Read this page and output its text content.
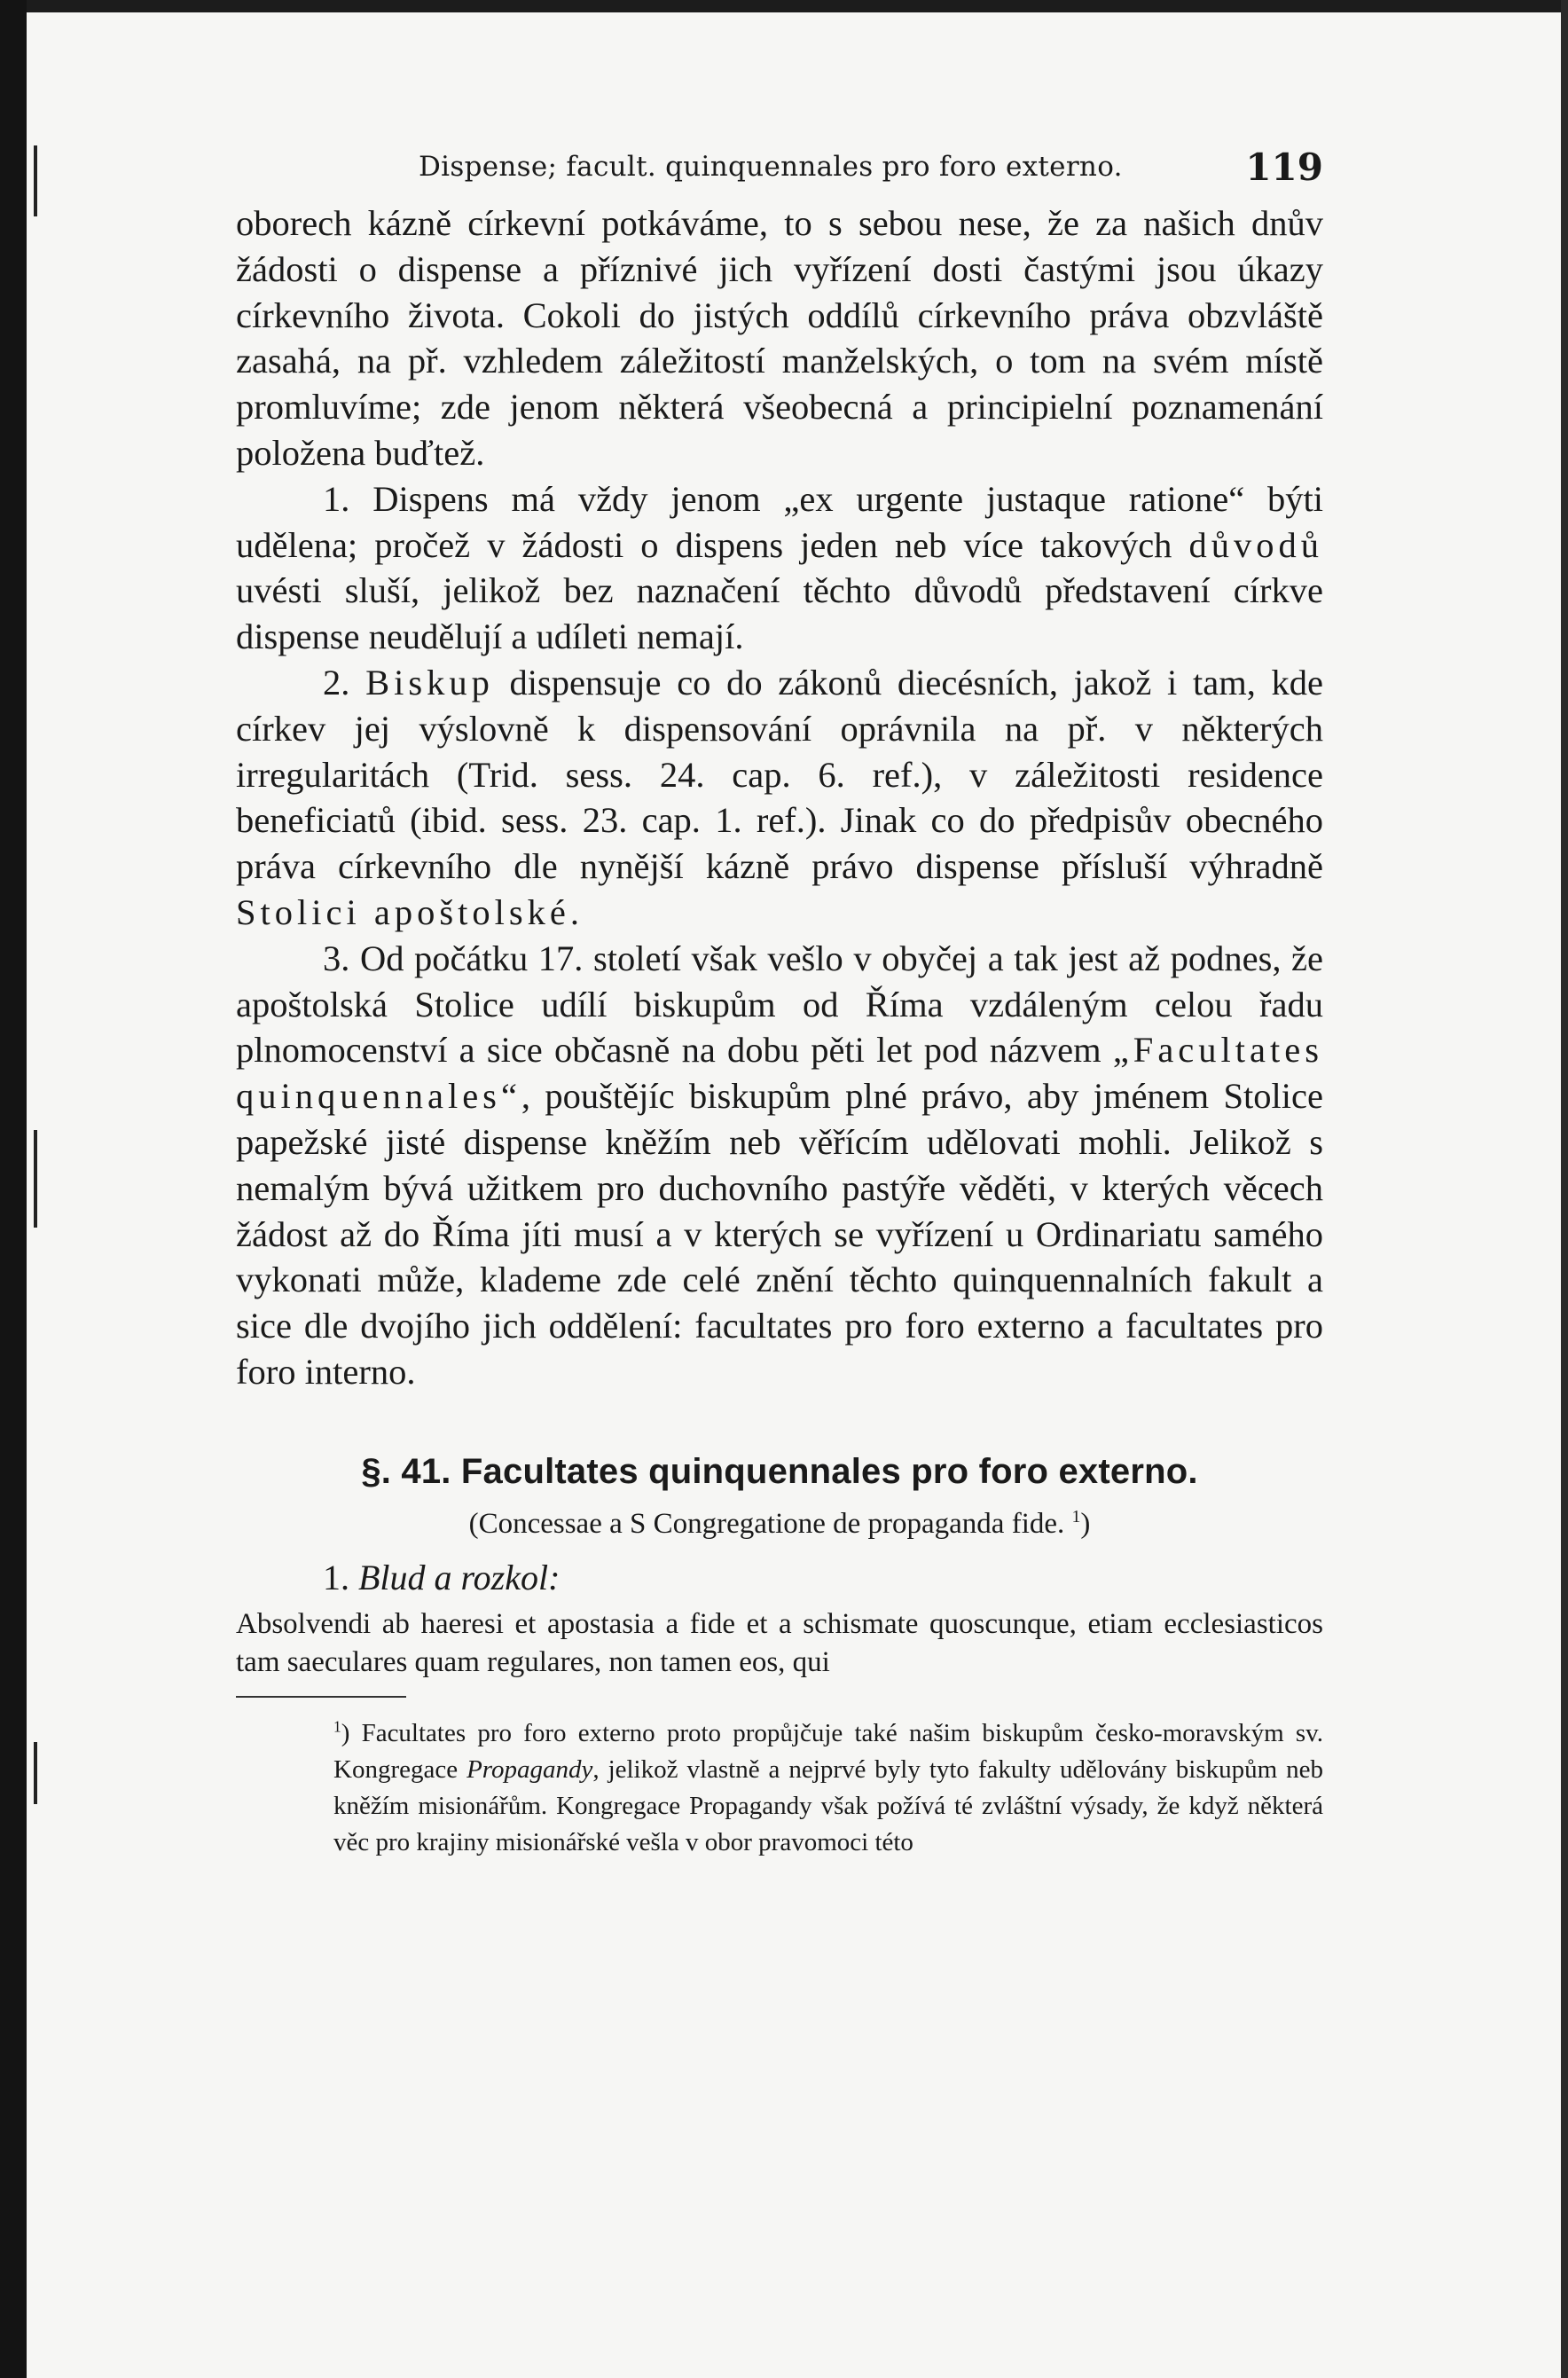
Dispense; facult. quinquennales pro foro externo.	119

oborech kázně církevní potkáváme, to s sebou nese, že za našich dnův žádosti o dispense a příznivé jich vyřízení dosti častými jsou úkazy církevního života. Cokoli do jistých oddílů církevního práva obzvláště zasahá, na př. vzhledem záležitostí manželských, o tom na svém místě promluvíme; zde jenom některá všeobecná a principielní poznamenání položena buďtež.

1. Dispens má vždy jenom „ex urgente justaque ratione“ býti udělena; pročež v žádosti o dispens jeden neb více takových důvodů uvésti sluší, jelikož bez naznačení těchto důvodů představení církve dispense neudělují a udíleti nemají.

2. Biskup dispensuje co do zákonů diecésních, jakož i tam, kde církev jej výslovně k dispensování oprávnila na př. v některých irregularitách (Trid. sess. 24. cap. 6. ref.), v záležitosti residence beneficiatů (ibid. sess. 23. cap. 1. ref.). Jinak co do předpisův obecného práva církevního dle nynější kázně právo dispense přísluší výhradně Stolici apoštolské.

3. Od počátku 17. století však vešlo v obyčej a tak jest až podnes, že apoštolská Stolice udílí biskupům od Říma vzdáleným celou řadu plnomocenství a sice občasně na dobu pěti let pod názvem „Facultates quinquennales“, pouštějíc biskupům plné právo, aby jménem Stolice papežské jisté dispense kněžím neb věřícím udělovati mohli. Jelikož s nemalým bývá užitkem pro duchovního pastýře věděti, v kterých věcech žádost až do Říma jíti musí a v kterých se vyřízení u Ordinariatu samého vykonati může, klademe zde celé znění těchto quinquennalních fakult a sice dle dvojího jich oddělení: facultates pro foro externo a facultates pro foro interno.

§. 41. Facultates quinquennales pro foro externo.
(Concessae a S Congregatione de propaganda fide. $^1$)
1. Blud a rozkol:

Absolvendi ab haeresi et apostasia a fide et a schismate quoscunque, etiam ecclesiasticos tam saeculares quam regulares, non tamen eos, qui

$^1$) Facultates pro foro externo proto propůjčuje také našim biskupům česko-moravským sv. Kongregace Propagandy, jelikož vlastně a nejprvé byly tyto fakulty udělovány biskupům neb kněžím misionářům. Kongregace Propagandy však požívá té zvláštní výsady, že když některá věc pro krajiny misionářské vešla v obor pravomoci této
